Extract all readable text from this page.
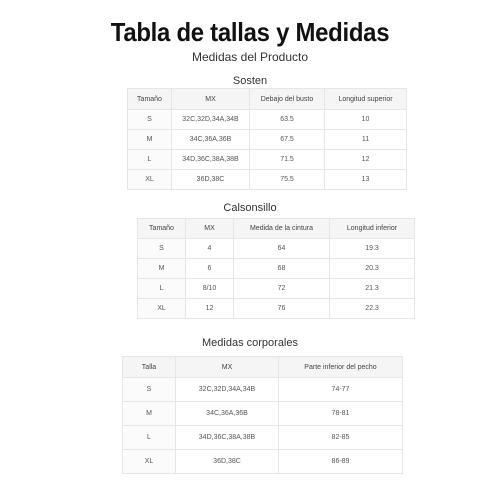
Tabla de tallas y Medidas
Medidas del Producto
Sosten
Tamaño	MX	Debajo del busto	Longitud superior
S	32C,32D,34A,34B	63.5	10
M	34C,36A,36B	67.5	11
L	34D,36C,38A,38B	71.5	12
XL	36D,38C	75.5	13
Calsonsillo
Tamaño	MX	Medida de la cintura	Longitud inferior
S	4	64	19.3
M	6	68	20.3
L	8/10	72	21.3
XL	12	76	22.3
Medidas corporales
Talla	MX	Parte inferior del pecho
S	32C,32D,34A,34B	74-77
M	34C,36A,36B	78-81
L	34D,36C,38A,38B	82-85
XL	36D,38C	86-89
